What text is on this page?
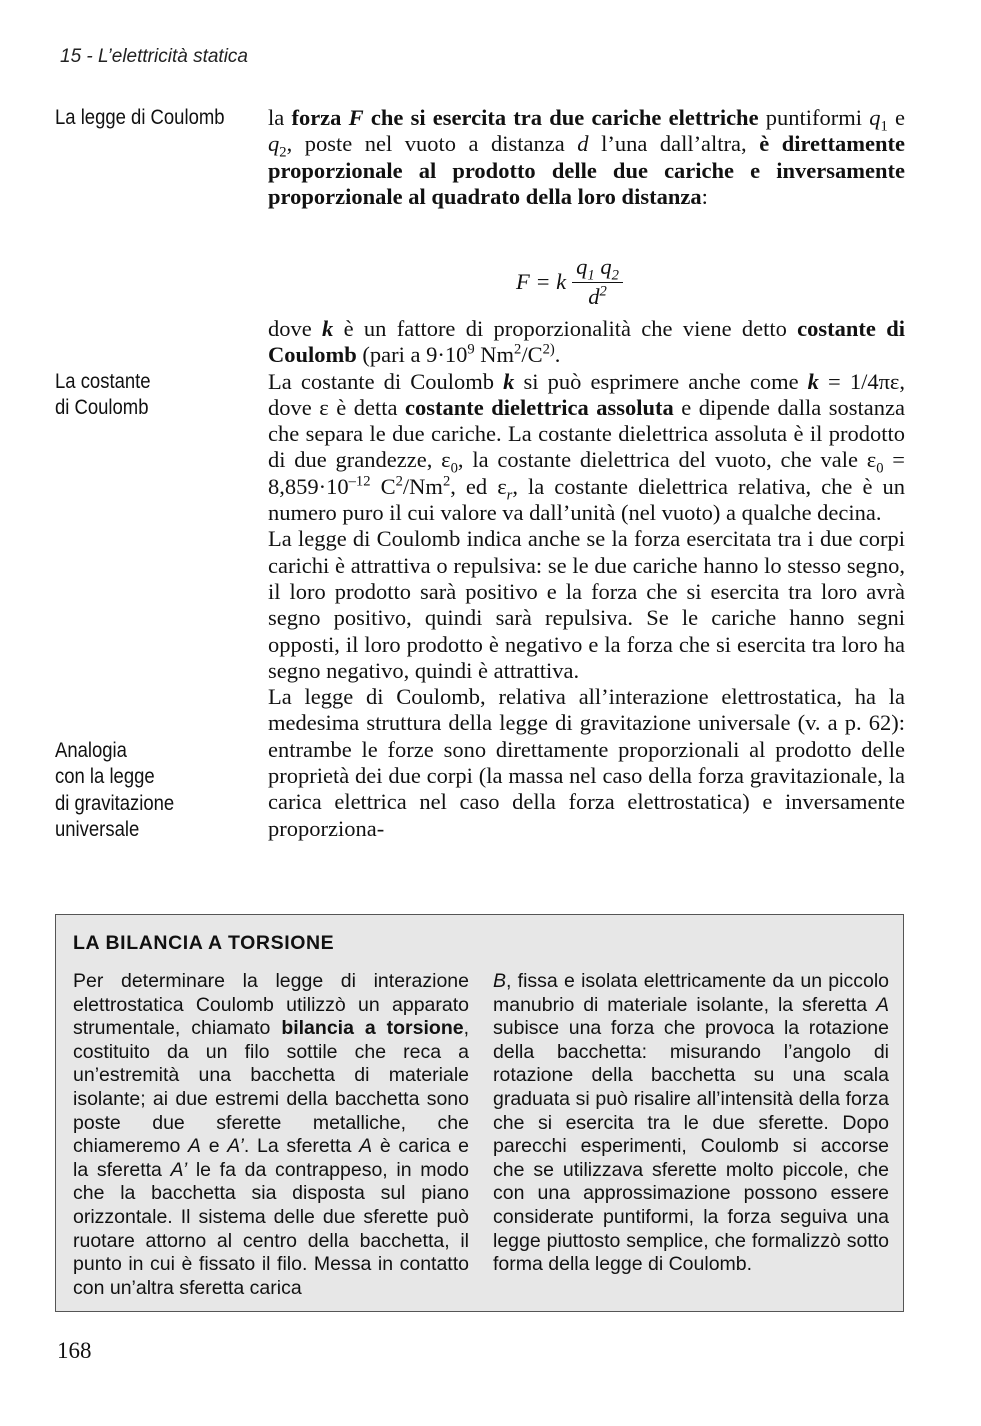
15 - L’elettricità statica
La legge di Coulomb
La costante
di Coulomb
Analogia
con la legge
di gravitazione
universale

la forza F che si esercita tra due cariche elettriche puntiformi $q_1$ e $q_2$, poste nel vuoto a distanza d l’una dall’altra, è direttamente proporzionale al prodotto delle due cariche e inversamente proporzionale al quadrato della loro distanza:

F = k $\frac{q_1 q_2}{d^2}$

dove k è un fattore di proporzionalità che viene detto costante di Coulomb (pari a $9\cdot 10^9$ $Nm^2/C^{2)}$.

La costante di Coulomb k si può esprimere anche come k = 1/4πε, dove ε è detta costante dielettrica assoluta e dipende dalla sostanza che separa le due cariche. La costante dielettrica assoluta è il prodotto di due grandezze, $\varepsilon_0$, la costante dielettrica del vuoto, che vale $\varepsilon_0 = 8,859\cdot 10^{-12}$ $C^2/Nm^2$, ed $\varepsilon_r$, la costante dielettrica relativa, che è un numero puro il cui valore va dall’unità (nel vuoto) a qualche decina.

La legge di Coulomb indica anche se la forza esercitata tra i due corpi carichi è attrattiva o repulsiva: se le due cariche hanno lo stesso segno, il loro prodotto sarà positivo e la forza che si esercita tra loro avrà segno positivo, quindi sarà repulsiva. Se le cariche hanno segni opposti, il loro prodotto è negativo e la forza che si esercita tra loro ha segno negativo, quindi è attrattiva.

La legge di Coulomb, relativa all’interazione elettrostatica, ha la medesima struttura della legge di gravitazione universale (v. a p. 62): entrambe le forze sono direttamente proporzionali al prodotto delle proprietà dei due corpi (la massa nel caso della forza gravitazionale, la carica elettrica nel caso della forza elettrostatica) e inversamente proporziona-

LA BILANCIA A TORSIONE

Per determinare la legge di interazione elettrostatica Coulomb utilizzò un apparato strumentale, chiamato bilancia a torsione, costituito da un filo sottile che reca a un’estremità una bacchetta di materiale isolante; ai due estremi della bacchetta sono poste due sferette metalliche, che chiameremo A e A’. La sferetta A è carica e la sferetta A’ le fa da contrappeso, in modo che la bacchetta sia disposta sul piano orizzontale. Il sistema delle due sferette può ruotare attorno al centro della bacchetta, il punto in cui è fissato il filo. Messa in contatto con un’altra sferetta carica

B, fissa e isolata elettricamente da un piccolo manubrio di materiale isolante, la sferetta A subisce una forza che provoca la rotazione della bacchetta: misurando l’angolo di rotazione della bacchetta su una scala graduata si può risalire all’intensità della forza che si esercita tra le due sferette. Dopo parecchi esperimenti, Coulomb si accorse che se utilizzava sferette molto piccole, che con una approssimazione possono essere considerate puntiformi, la forza seguiva una legge piuttosto semplice, che formalizzò sotto forma della legge di Coulomb.

168
